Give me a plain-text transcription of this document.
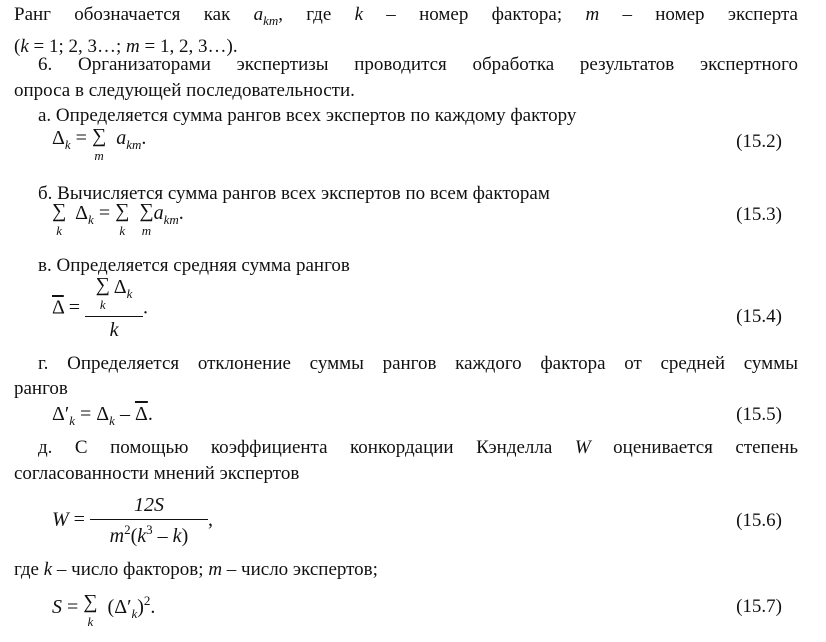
Ранг обозначается как $a_{km}$, где k – номер фактора; m – номер эксперта
(k = 1; 2, 3…; m = 1, 2, 3…).
6. Организаторами экспертизы проводится обработка результатов экспертного
опроса в следующей последовательности.
а. Определяется сумма рангов всех экспертов по каждому фактору
$\Delta_k$ = ∑
m
$a_{km}$.	(15.2)
б. Вычисляется сумма рангов всех экспертов по всем факторам
∑
k
$\Delta_k$ = ∑
k

∑
m
$a_{km}$.	(15.3)
в. Определяется средняя сумма рангов
$\overline{\Delta}$ = ∑
k
$\Delta_k$
k .	(15.4)
г. Определяется отклонение суммы рангов каждого фактора от средней суммы
рангов
$\Delta'_k = \Delta_k - \overline{\Delta}$.	(15.5)
д. С помощью коэффициента конкордации Кэнделла W оценивается степень
согласованности мнений экспертов
$W = \frac{12S}{m^2(k^3 - k)}$ ,	(15.6)
где k – число факторов; m – число экспертов;
S = ∑
k
$(\Delta'_k)^2$.	(15.7)
